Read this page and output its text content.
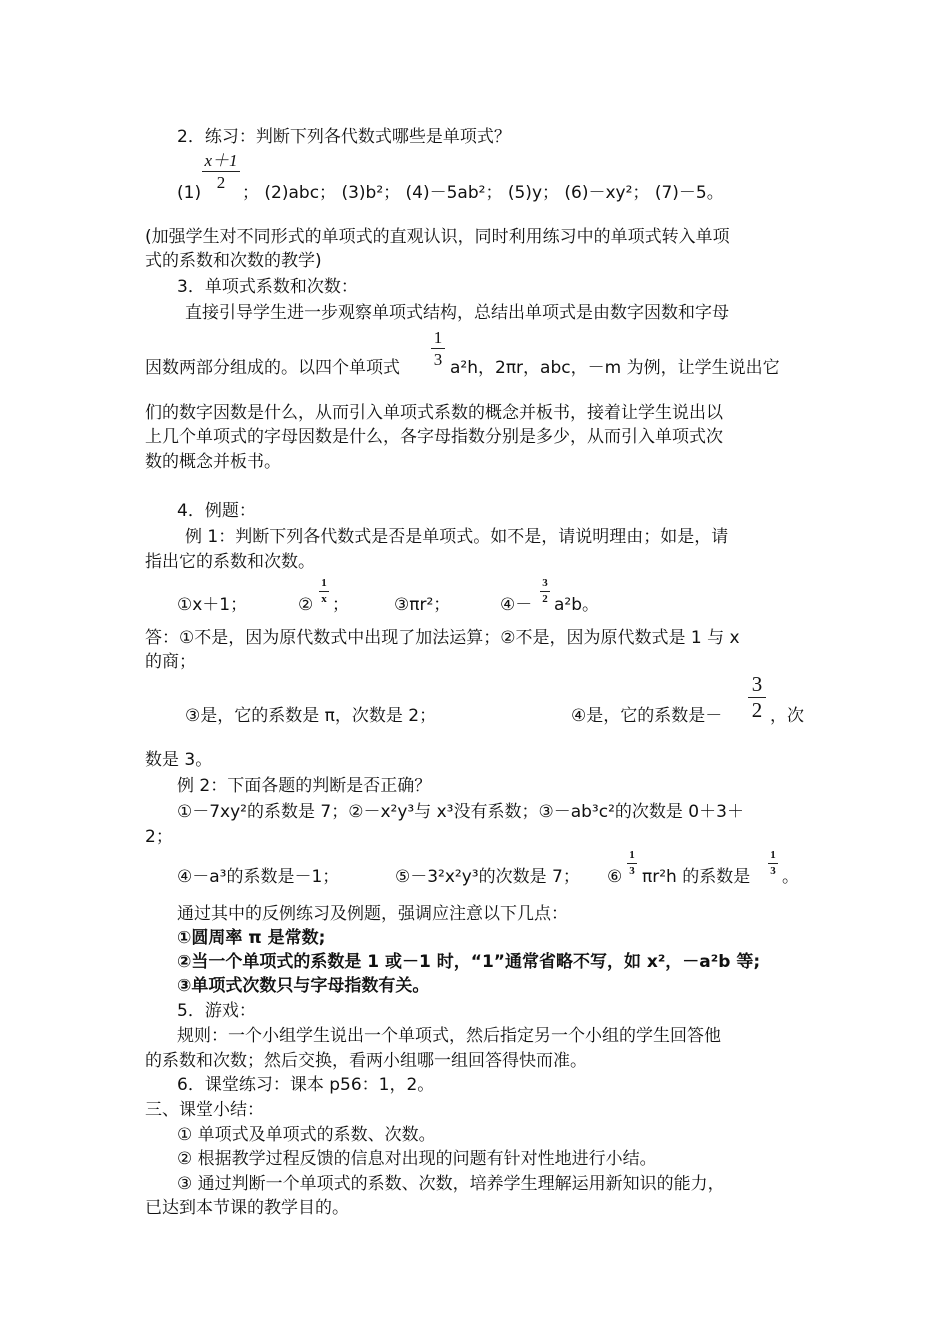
2．练习：判断下列各代数式哪些是单项式？
x＋1
2
(1) ； (2)abc； (3)b²； (4)－5ab²； (5)y； (6)－xy²； (7)－5。
(加强学生对不同形式的单项式的直观认识，同时利用练习中的单项式转入单项
式的系数和次数的教学)
3．单项式系数和次数：
直接引导学生进一步观察单项式结构，总结出单项式是由数字因数和字母
因数两部分组成的。以四个单项式
1
3 a²h，2πr，abc，－m 为例，让学生说出它
们的数字因数是什么，从而引入单项式系数的概念并板书，接着让学生说出以
上几个单项式的字母因数是什么，各字母指数分别是多少，从而引入单项式次
数的概念并板书。
4．例题：
例 1：判断下列各代数式是否是单项式。如不是，请说明理由；如是，请
指出它的系数和次数。
①x＋1；	②
1
x ；	③πr²；	④－
3
2 a²b。
答：①不是，因为原代数式中出现了加法运算；②不是，因为原代数式是 1 与 x
的商；
③是，它的系数是 π，次数是 2；	④是，它的系数是－
3
2 ，次
数是 3。
例 2：下面各题的判断是否正确？
①－7xy²的系数是 7；②－x²y³与 x³没有系数；③－ab³c²的次数是 0＋3＋
2；
④－a³的系数是－1；	⑤－3²x²y³的次数是 7； ⑥
1
3 πr²h 的系数是
1
3 。
通过其中的反例练习及例题，强调应注意以下几点：
①圆周率 π 是常数;
②当一个单项式的系数是 1 或－1 时，“1”通常省略不写，如 x²，－a²b 等;
③单项式次数只与字母指数有关。
5．游戏：
规则：一个小组学生说出一个单项式，然后指定另一个小组的学生回答他
的系数和次数；然后交换，看两小组哪一组回答得快而准。
6．课堂练习：课本 p56：1，2。
三、课堂小结：
① 单项式及单项式的系数、次数。
② 根据教学过程反馈的信息对出现的问题有针对性地进行小结。
③ 通过判断一个单项式的系数、次数，培养学生理解运用新知识的能力，
已达到本节课的教学目的。
